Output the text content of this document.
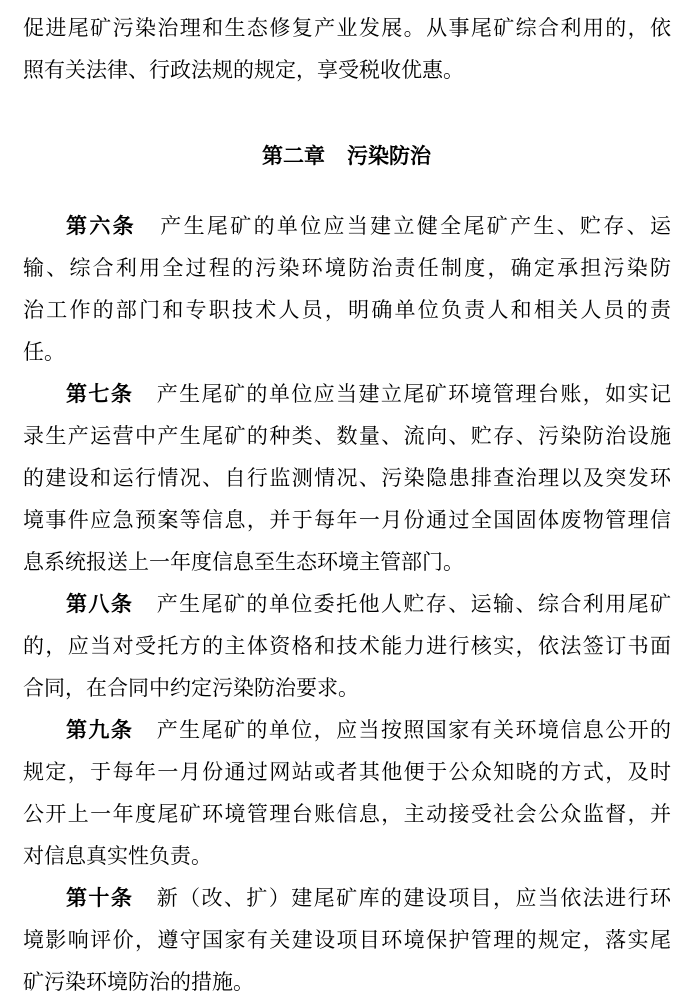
促进尾矿污染治理和生态修复产业发展。从事尾矿综合利用的，依
照有关法律、行政法规的规定，享受税收优惠。
第二章 污染防治
第六条 产生尾矿的单位应当建立健全尾矿产生、贮存、运
输、综合利用全过程的污染环境防治责任制度，确定承担污染防
治工作的部门和专职技术人员，明确单位负责人和相关人员的责
任。
第七条 产生尾矿的单位应当建立尾矿环境管理台账，如实记
录生产运营中产生尾矿的种类、数量、流向、贮存、污染防治设施
的建设和运行情况、自行监测情况、污染隐患排查治理以及突发环
境事件应急预案等信息，并于每年一月份通过全国固体废物管理信
息系统报送上一年度信息至生态环境主管部门。
第八条 产生尾矿的单位委托他人贮存、运输、综合利用尾矿
的，应当对受托方的主体资格和技术能力进行核实，依法签订书面
合同，在合同中约定污染防治要求。
第九条 产生尾矿的单位，应当按照国家有关环境信息公开的
规定，于每年一月份通过网站或者其他便于公众知晓的方式，及时
公开上一年度尾矿环境管理台账信息，主动接受社会公众监督，并
对信息真实性负责。
第十条 新（改、扩）建尾矿库的建设项目，应当依法进行环
境影响评价，遵守国家有关建设项目环境保护管理的规定，落实尾
矿污染环境防治的措施。
